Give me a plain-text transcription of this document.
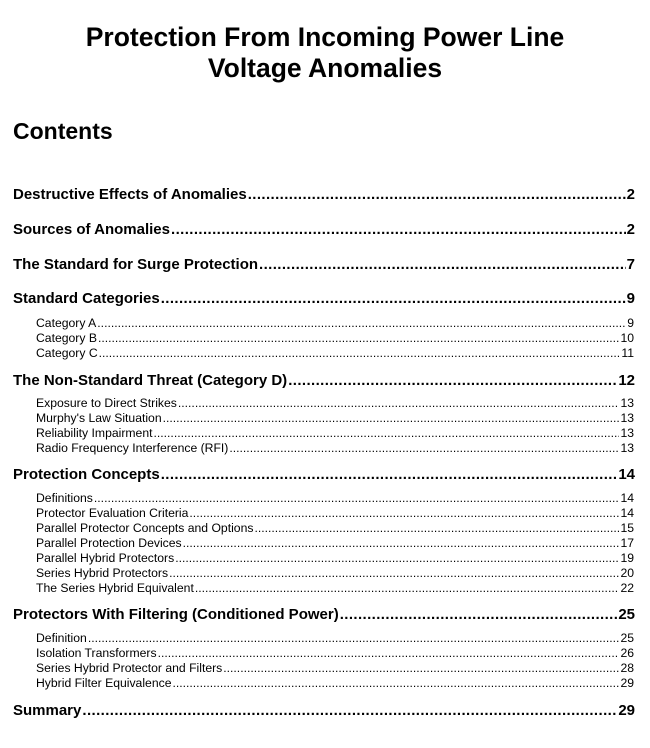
Protection From Incoming Power Line
Voltage Anomalies
Contents
Destructive Effects of Anomalies .....	2
Sources of Anomalies .....	2
The Standard for Surge Protection .....	7
Standard Categories .....	9
Category A .....	9
Category B .....	10
Category C .....	11
The Non-Standard Threat (Category D) .....	12
Exposure to Direct Strikes .....	13
Murphy's Law Situation .....	13
Reliability Impairment .....	13
Radio Frequency Interference (RFI) .....	13
Protection Concepts .....	14
Definitions .....	14
Protector Evaluation Criteria .....	14
Parallel Protector Concepts and Options .....	15
Parallel Protection Devices .....	17
Parallel Hybrid Protectors .....	19
Series Hybrid Protectors .....	20
The Series Hybrid Equivalent .....	22
Protectors With Filtering (Conditioned Power) .....	25
Definition .....	25
Isolation Transformers .....	26
Series Hybrid Protector and Filters .....	28
Hybrid Filter Equivalence .....	29
Summary .....	29
